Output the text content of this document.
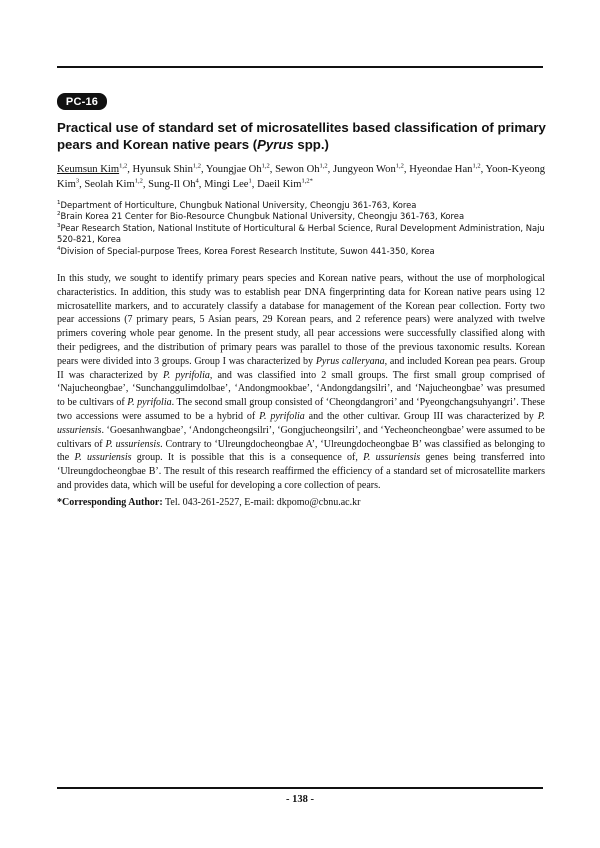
PC-16
Practical use of standard set of microsatellites based classification of primary pears and Korean native pears (Pyrus spp.)

Keumsun Kim$^{1,2}$, Hyunsuk Shin$^{1,2}$, Youngjae Oh$^{1,2}$, Sewon Oh$^{1,2}$, Jungyeon Won$^{1,2}$, Hyeondae Han$^{1,2}$, Yoon-Kyeong Kim$^3$, Seolah Kim$^{1,2}$, Sung-Il Oh$^4$, Mingi Lee$^1$, Daeil Kim$^{1,2*}$

$^1$Department of Horticulture, Chungbuk National University, Cheongju 361-763, Korea

$^2$Brain Korea 21 Center for Bio-Resource Chungbuk National University, Cheongju 361-763, Korea

$^3$Pear Research Station, National Institute of Horticultural & Herbal Science, Rural Development Administration, Naju 520-821, Korea

$^4$Division of Special-purpose Trees, Korea Forest Research Institute, Suwon 441-350, Korea

In this study, we sought to identify primary pears species and Korean native pears, without the use of morphological characteristics. In addition, this study was to establish pear DNA fingerprinting data for Korean native pears using 12 microsatellite markers, and to accurately classify a database for management of the Korean pear collection. Forty two pear accessions (7 primary pears, 5 Asian pears, 29 Korean pears, and 2 reference pears) were analyzed with twelve primers covering whole pear genome. In the present study, all pear accessions were successfully classified along with their pedigrees, and the distribution of primary pears was parallel to those of the previous taxonomic results. Korean pears were divided into 3 groups. Group I was characterized by Pyrus calleryana, and included Korean pea pears. Group II was characterized by P. pyrifolia, and was classified into 2 small groups. The first small group comprised of ‘Najucheongbae’, ‘Sunchanggulimdolbae’, ‘Andongmookbae’, ‘Andongdangsilri’, and ‘Najucheongbae’ was presumed to be cultivars of P. pyrifolia. The second small group consisted of ‘Cheongdangrori’ and ‘Pyeongchangsuhyangri’. These two accessions were assumed to be a hybrid of P. pyrifolia and the other cultivar. Group III was characterized by P. ussuriensis. ‘Goesanhwangbae’, ‘Andongcheongsilri’, ‘Gongjucheongsilri’, and ‘Yecheoncheongbae’ were assumed to be cultivars of P. ussuriensis. Contrary to ‘Ulreungdocheongbae A’, ‘Ulreungdocheongbae B’ was classified as belonging to the P. ussuriensis group. It is possible that this is a consequence of, P. ussuriensis genes being transferred into ‘Ulreungdocheongbae B’. The result of this research reaffirmed the efficiency of a standard set of microsatellite markers and provides data, which will be useful for developing a core collection of pears.

*Corresponding Author: Tel. 043-261-2527, E-mail: dkpomo@cbnu.ac.kr

- 138 -
